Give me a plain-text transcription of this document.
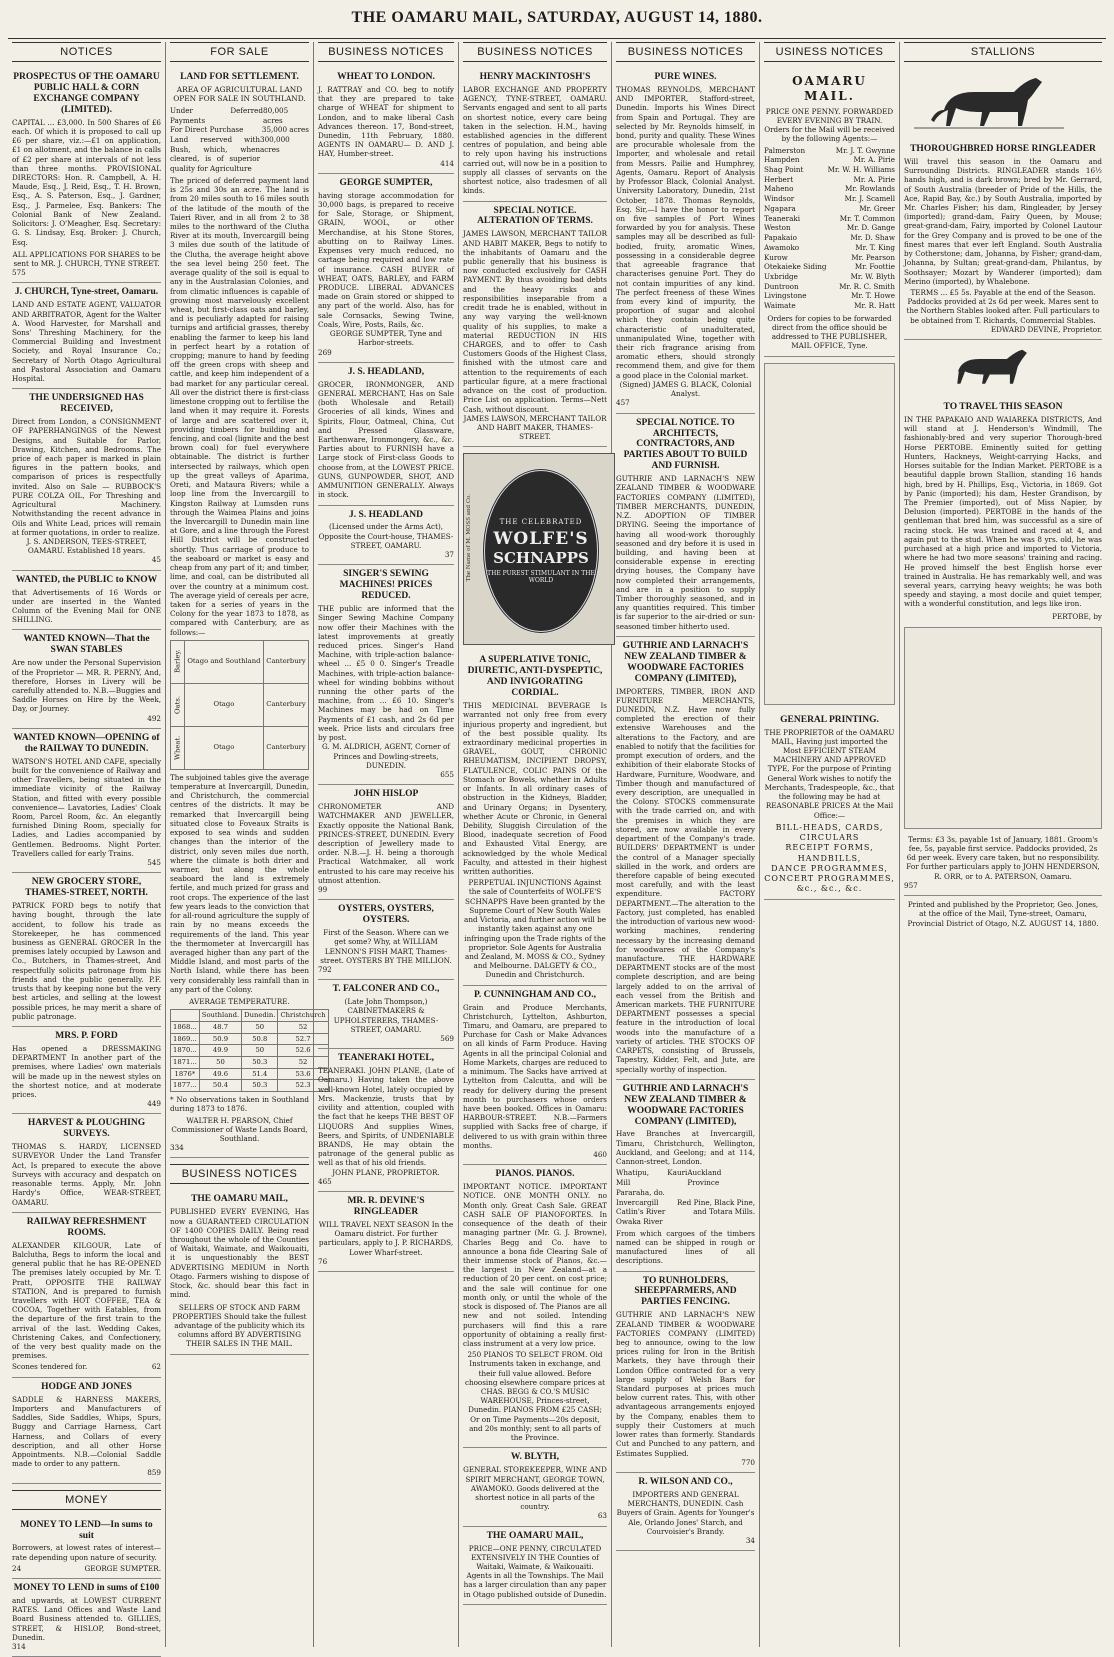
THE OAMARU MAIL, SATURDAY, AUGUST 14, 1880.
NOTICES
PROSPECTUS OF THE OAMARU PUBLIC HALL & CORN EXCHANGE COMPANY (LIMITED).
CAPITAL ... £3,000. In 500 Shares of £6 each. Of which it is proposed to call up £6 per share, viz.:—£1 on application, £1 on allotment, and the balance in calls of £2 per share at intervals of not less than three months. PROVISIONAL DIRECTORS: Hon. R. Campbell, A. H. Maude, Esq., J. Reid, Esq., T. H. Brown, Esq., A. S. Paterson, Esq., J. Gardner, Esq., J. Parmelee, Esq. Bankers: The Colonial Bank of New Zealand. Solicitors: J. O'Meagher, Esq. Secretary: G. S. Lindsay, Esq. Broker: J. Church, Esq.
ALL APPLICATIONS FOR SHARES to be sent to MR. J. CHURCH, TYNE STREET.
575
J. CHURCH, Tyne-street, Oamaru.
LAND AND ESTATE AGENT, VALUATOR AND ARBITRATOR, Agent for the Walter A. Wood Harvester, for Marshall and Sons' Threshing Machinery, for the Commercial Building and Investment Society, and Royal Insurance Co.; Secretary of North Otago Agricultural and Pastoral Association and Oamaru Hospital.
THE UNDERSIGNED HAS RECEIVED,
Direct from London, a CONSIGNMENT OF PAPERHANGINGS of the Newest Designs, and Suitable for Parlor, Drawing, Kitchen, and Bedrooms. The price of each paper is marked in plain figures in the pattern books, and comparison of prices is respectfully invited. Also on Sale — RUBBOCK'S PURE COLZA OIL, For Threshing and Agricultural Machinery. Notwithstanding the recent advance in Oils and White Lead, prices will remain at former quotations, in order to realize.
J. S. ANDERSON, TEES-STREET, OAMARU. Established 18 years.
45
WANTED, the PUBLIC to KNOW
that Advertisements of 16 Words or under are inserted in the Wanted Column of the Evening Mail for ONE SHILLING.
WANTED KNOWN—That the SWAN STABLES
Are now under the Personal Supervision of the Proprietor — MR. R. PERNY, And, therefore, Horses in Livery will be carefully attended to. N.B.—Buggies and Saddle Horses on Hire by the Week, Day, or Journey.
492
WANTED KNOWN—OPENING of the RAILWAY TO DUNEDIN.
WATSON'S HOTEL AND CAFE, specially built for the convenience of Railway and other Travellers, being situated in the immediate vicinity of the Railway Station, and fitted with every possible convenience— Lavatories, Ladies' Cloak Room, Parcel Room, &c. An elegantly furnished Dining Room, specially for Ladies, and Ladies accompanied by Gentlemen. Bedrooms. Night Porter. Travellers called for early Trains.
545
NEW GROCERY STORE, THAMES-STREET, NORTH.
PATRICK FORD begs to notify that having bought, through the late accident, to follow his trade as Storekeeper, he has commenced business as GENERAL GROCER In the premises lately occupied by Lawson and Co., Butchers, in Thames-street, And respectfully solicits patronage from his friends and the public generally. P.F. trusts that by keeping none but the very best articles, and selling at the lowest possible prices, he may merit a share of public patronage.
MRS. P. FORD
Has opened a DRESSMAKING DEPARTMENT In another part of the premises, where Ladies' own materials will be made up in the newest styles on the shortest notice, and at moderate prices.
449
HARVEST & PLOUGHING SURVEYS.
THOMAS S. HARDY, LICENSED SURVEYOR Under the Land Transfer Act, Is prepared to execute the above Surveys with accuracy and despatch on reasonable terms. Apply, Mr. John Hardy's Office, WEAR-STREET, OAMARU.
RAILWAY REFRESHMENT ROOMS.
ALEXANDER KILGOUR, Late of Balclutha, Begs to inform the local and general public that he has RE-OPENED The premises lately occupied by Mr. T. Pratt, OPPOSITE THE RAILWAY STATION, And is prepared to furnish travellers with HOT COFFEE, TEA & COCOA, Together with Eatables, from the departure of the first train to the arrival of the last. Wedding Cakes, Christening Cakes, and Confectionery, of the very best quality made on the premises.
Scones tendered for.	62
HODGE AND JONES
SADDLE & HARNESS MAKERS, Importers and Manufacturers of Saddles, Side Saddles, Whips, Spurs, Buggy and Carriage Harness, Cart Harness, and Collars of every description, and all other Horse Appointments. N.B.—Colonial Saddle made to order to any pattern.
859
MONEY
MONEY TO LEND—In sums to suit
Borrowers, at lowest rates of interest—rate depending upon nature of security.
24	GEORGE SUMPTER.
MONEY TO LEND in sums of £100
and upwards, at LOWEST CURRENT RATES. Land Offices and Waste Land Board Business attended to. GILLIES, STREET, & HISLOP, Bond-street, Dunedin.
314
FOR SALE
LAND FOR SETTLEMENT.
AREA OF AGRICULTURAL LAND OPEN FOR SALE IN SOUTHLAND.
Under Deferred Payments
80,005 acres
For Direct Purchase	35,000 acres
Land reserved with Bush, which, when cleared, is of superior quality for Agriculture
300,000 acres
The priced of deferred payment land is 25s and 30s an acre. The land is from 20 miles south to 16 miles south of the latitude of the mouth of the Taieri River, and in all from 2 to 38 miles to the northward of the Clutha River at its mouth, Invercargill being 3 miles due south of the latitude of the Clutha, the average height above the sea level being 250 feet. The average quality of the soil is equal to any in the Australasian Colonies, and from climatic influences is capable of growing most marvelously excellent wheat, but first-class oats and barley, and is peculiarly adapted for raising turnips and artificial grasses, thereby enabling the farmer to keep his land in perfect heart by a rotation of cropping; manure to hand by feeding off the green crops with sheep and cattle, and keep him independent of a bad market for any particular cereal. All over the district there is first-class limestone cropping out to fertilise the land when it may require it. Forests of large and are scattered over it, providing timbers for building and fencing, and coal (lignite and the best brown coal) for fuel everywhere obtainable. The district is further intersected by railways, which open up the great valleys of Aparima, Oreti, and Mataura Rivers; while a loop line from the Invercargill to Kingston Railway at Lumsden runs through the Waimea Plains and joins the Invercargill to Dunedin main line at Gore, and a line through the Forest Hill District will be constructed shortly. Thus carriage of produce to the seaboard or market is easy and cheap from any part of it; and timber, lime, and coal, can be distributed all over the country at a minimum cost. The average yield of cereals per acre, taken for a series of years in the Colony for the year 1873 to 1878, as compared with Canterbury, are as follows:—
Barley.	Otago and Southland	Canterbury
Oats.	Otago	Canterbury
Wheat.	Otago	Canterbury
The subjoined tables give the average temperature at Invercargill, Dunedin, and Christchurch, the commercial centres of the districts. It may be remarked that Invercargill being situated close to Foveaux Straits is exposed to sea winds and sudden changes than the interior of the district, only seven miles due north, where the climate is both drier and warmer, but along the whole seaboard the land is extremely fertile, and much prized for grass and root crops. The experience of the last few years leads to the conviction that for all-round agriculture the supply of rain by no means exceeds the requirements of the land. This year the thermometer at Invercargill has averaged higher than any part of the Middle Island, and most parts of the North Island, while there has been very considerably less rainfall than in any part of the Colony.
AVERAGE TEMPERATURE.
	Southland.	Dunedin.	Christchurch
1868...	48.7	50	52
1869...	50.9	50.8	52.7
1870...	49.9	50	52.6
1871...	50	50.3	52
1876*	49.6	51.4	53.6
1877...	50.4	50.3	52.3
* No observations taken in Southland during 1873 to 1876.
WALTER H. PEARSON, Chief Commissioner of Waste Lands Board, Southland.
334
BUSINESS NOTICES
THE OAMARU MAIL,
PUBLISHED EVERY EVENING, Has now a GUARANTEED CIRCULATION OF 1400 COPIES DAILY. Being read throughout the whole of the Counties of Waitaki, Waimate, and Waikouaiti, it is unquestionably the BEST ADVERTISING MEDIUM in North Otago. Farmers wishing to dispose of Stock, &c. should bear this fact in mind.
SELLERS OF STOCK AND FARM PROPERTIES Should take the fullest advantage of the publicity which its columns afford BY ADVERTISING THEIR SALES IN THE MAIL.
BUSINESS NOTICES
WHEAT TO LONDON.
J. RATTRAY and CO. beg to notify that they are prepared to take charge of WHEAT for shipment to London, and to make liberal Cash Advances thereon. 17, Bond-street, Dunedin, 11th February, 1880. AGENTS IN OAMARU— D. AND J. HAY, Humber-street.
414
GEORGE SUMPTER,
having storage accommodation for 30,000 bags, is prepared to receive for Sale, Storage, or Shipment, GRAIN, WOOL, or other Merchandise, at his Stone Stores, abutting on to Railway Lines. Expenses very much reduced, no cartage being required and low rate of insurance. CASH BUYER of WHEAT, OATS, BARLEY, and FARM PRODUCE. LIBERAL ADVANCES made on Grain stored or shipped to any part of the world. Also, has for sale Cornsacks, Sewing Twine, Coals, Wire, Posts, Rails, &c.
GEORGE SUMPTER, Tyne and Harbor-streets.
269
J. S. HEADLAND,
GROCER, IRONMONGER, AND GENERAL MERCHANT, Has on Sale (both Wholesale and Retail) Groceries of all kinds, Wines and Spirits, Flour, Oatmeal, China, Cut and Pressed Glassware, Earthenware, Ironmongery, &c., &c. Parties about to FURNISH have a Large stock of First-class Goods to choose from, at the LOWEST PRICE. GUNS, GUNPOWDER, SHOT, AND AMMUNITION GENERALLY. Always in stock.
J. S. HEADLAND
(Licensed under the Arms Act), Opposite the Court-house, THAMES-STREET, OAMARU.
37
SINGER'S SEWING MACHINES! PRICES REDUCED.
THE public are informed that the Singer Sewing Machine Company now offer their Machines with the latest improvements at greatly reduced prices. Singer's Hand Machine, with triple-action balance-wheel ... £5 0 0. Singer's Treadle Machines, with triple-action balance-wheel for winding bobbins without running the other parts of the machine, from ... £6 10. Singer's Machines may be had on Time Payments of £1 cash, and 2s 6d per week. Price lists and circulars free by post.
G. M. ALDRICH, AGENT, Corner of Princes and Dowling-streets, DUNEDIN.
655
JOHN HISLOP
CHRONOMETER AND WATCHMAKER AND JEWELLER, Exactly opposite the National Bank, PRINCES-STREET, DUNEDIN. Every description of Jewellery made to order. N.B.—J. H. being a thorough Practical Watchmaker, all work entrusted to his care may receive his utmost attention.
99
OYSTERS, OYSTERS, OYSTERS.
First of the Season. Where can we get some? Why, at WILLIAM LENNON'S FISH MART, Thames-street. OYSTERS BY THE MILLION.
792
T. FALCONER AND CO.,
(Late John Thompson,) CABINETMAKERS & UPHOLSTERERS, THAMES-STREET, OAMARU.
569
TEANERAKI HOTEL,
TEANERAKI. JOHN PLANE, (Late of Oamaru.) Having taken the above well-known Hotel, lately occupied by Mrs. Mackenzie, trusts that by civility and attention, coupled with the fact that he keeps THE BEST OF LIQUORS And supplies Wines, Beers, and Spirits, of UNDENIABLE BRANDS, He may obtain the patronage of the general public as well as that of his old friends.
JOHN PLANE, PROPRIETOR.
465
MR. R. DEVINE'S RINGLEADER
WILL TRAVEL NEXT SEASON In the Oamaru district. For further particulars, apply to J. P. RICHARDS, Lower Wharf-street.
76
BUSINESS NOTICES
HENRY MACKINTOSH'S
LABOR EXCHANGE AND PROPERTY AGENCY, TYNE-STREET, OAMARU. Servants engaged and sent to all parts on shortest notice, every care being taken in the selection. H.M., having established agencies in the different centres of population, and being able to rely upon having his instructions carried out, will now be in a position to supply all classes of servants on the shortest notice, also tradesmen of all kinds.
SPECIAL NOTICE. ALTERATION OF TERMS.
JAMES LAWSON, MERCHANT TAILOR AND HABIT MAKER, Begs to notify to the inhabitants of Oamaru and the public generally that his business is now conducted exclusively for CASH PAYMENT. By thus avoiding bad debts and the heavy risks and responsibilities inseparable from a credit trade he is enabled, without in any way varying the well-known quality of his supplies, to make a material REDUCTION IN HIS CHARGES, and to offer to Cash Customers Goods of the Highest Class, finished with the utmost care and attention to the requirements of each particular figure, at a mere fractional advance on the cost of production. Price List on application. Terms—Nett Cash, without discount.
JAMES LAWSON, MERCHANT TAILOR AND HABIT MAKER, THAMES-STREET.
The Name of M. MOSS and Co.	THE CELEBRATED
WOLFE'S
SCHNAPPS
THE PUREST STIMULANT IN THE WORLD
A SUPERLATIVE TONIC, DIURETIC, ANTI-DYSPEPTIC, AND INVIGORATING CORDIAL.
THIS MEDICINAL BEVERAGE Is warranted not only free from every injurious property and ingredient, but of the best possible quality. Its extraordinary medicinal properties in GRAVEL, GOUT, CHRONIC RHEUMATISM, INCIPIENT DROPSY, FLATULENCE, COLIC PAINS Of the Stomach or Bowels, whether in Adults or Infants. In all ordinary cases of obstruction in the Kidneys, Bladder, and Urinary Organs; in Dysentery, whether Acute or Chronic, in General Debility, Sluggish Circulation of the Blood, inadequate secretion of Food and Exhausted Vital Energy, are acknowledged by the whole Medical Faculty, and attested in their highest written authorities.
PERPETUAL INJUNCTIONS Against the sale of Counterfeits of WOLFE'S SCHNAPPS Have been granted by the Supreme Court of New South Wales and Victoria, and further action will be instantly taken against any one infringing upon the Trade rights of the proprietor. Sole Agents for Australia and Zealand, M. MOSS & CO., Sydney and Melbourne. DALGETY & CO., Dunedin and Christchurch.
P. CUNNINGHAM AND CO.,
Grain and Produce Merchants, Christchurch, Lyttelton, Ashburton, Timaru, and Oamaru, are prepared to Purchase for Cash or Make Advances on all kinds of Farm Produce. Having Agents in all the principal Colonial and Home Markets, charges are reduced to a minimum. The Sacks have arrived at Lyttelton from Calcutta, and will be ready for delivery during the present month to purchasers whose orders have been booked. Offices in Oamaru: HARBOUR-STREET. N.B.—Farmers supplied with Sacks free of charge, if delivered to us with grain within three months.
460
PIANOS. PIANOS.
IMPORTANT NOTICE. IMPORTANT NOTICE. ONE MONTH ONLY. no Month only. Great Cash Sale. GREAT CASH SALE OF PIANOFORTES. In consequence of the death of their managing partner (Mr. G. J. Browne), Charles Begg and Co. have to announce a bona fide Clearing Sale of their immense stock of Pianos, &c.—the largest in New Zealand—at a reduction of 20 per cent. on cost price; and the sale will continue for one month only, or until the whole of the stock is disposed of. The Pianos are all new and not soiled. Intending purchasers will find this a rare opportunity of obtaining a really first-class instrument at a very low price.
250 PIANOS TO SELECT FROM. Old Instruments taken in exchange, and their full value allowed. Before choosing elsewhere compare prices at CHAS. BEGG & CO.'S MUSIC WAREHOUSE, Princes-street, Dunedin. PIANOS FROM £25 CASH; Or on Time Payments—20s deposit, and 20s monthly; sent to all parts of the Province.
W. BLYTH,
GENERAL STOREKEEPER, WINE AND SPIRIT MERCHANT, GEORGE TOWN, AWAMOKO. Goods delivered at the shortest notice in all parts of the country.
63
THE OAMARU MAIL,
PRICE—ONE PENNY, CIRCULATED EXTENSIVELY IN THE Counties of Waitaki, Waimate, & Waikouaiti. Agents in all the Townships. The Mail has a larger circulation than any paper in Otago published outside of Dunedin.
BUSINESS NOTICES
PURE WINES.
THOMAS REYNOLDS, MERCHANT AND IMPORTER, Stafford-street, Dunedin. Imports his Wines Direct from Spain and Portugal. They are selected by Mr. Reynolds himself, in bond, purity and quality. These Wines are procurable wholesale from the Importer, and wholesale and retail from Messrs. Pailie and Humphrey, Agents, Oamaru. Report of Analysis by Professor Black, Colonial Analyst. University Laboratory, Dunedin, 21st October, 1878. Thomas Reynolds, Esq. Sir,—I have the honor to report on five samples of Port Wines forwarded by you for analysis. These samples may all be described as full-bodied, fruity, aromatic Wines, possessing in a considerable degree that agreeable fragrance that characterises genuine Port. They do not contain impurities of any kind. The perfect freeness of these Wines from every kind of impurity, the proportion of sugar and alcohol which they contain being quite characteristic of unadulterated, unmanipulated Wine, together with their rich fragrance arising from aromatic ethers, should strongly recommend them, and give for them a good place in the Colonial market.
(Signed) JAMES G. BLACK, Colonial Analyst.
457
SPECIAL NOTICE. TO ARCHITECTS, CONTRACTORS, AND PARTIES ABOUT TO BUILD AND FURNISH.
GUTHRIE AND LARNACH'S NEW ZEALAND TIMBER & WOODWARE FACTORIES COMPANY (LIMITED), TIMBER MERCHANTS, DUNEDIN, N.Z. ADOPTION OF TIMBER DRYING. Seeing the importance of having all wood-work thoroughly seasoned and dry before it is used in building, and having been at considerable expense in erecting drying houses, the Company have now completed their arrangements, and are in a position to supply Timber thoroughly seasoned, and in any quantities required. This timber is far superior to the air-dried or sun-seasoned timber hitherto used.
GUTHRIE AND LARNACH'S NEW ZEALAND TIMBER & WOODWARE FACTORIES COMPANY (LIMITED),
IMPORTERS, TIMBER, IRON AND FURNITURE MERCHANTS, DUNEDIN, N.Z. Have now fully completed the erection of their extensive Warehouses and the alterations to the Factory, and are enabled to notify that the facilities for prompt execution of orders, and the exhibition of their elaborate Stocks of Hardware, Furniture, Woodware, and Timber though and manufactured of every description, are unequalled in the Colony. STOCKS commensurate with the trade carried on, and with the premises in which they are stored, are now available in every department of the Company's trade. BUILDERS' DEPARTMENT is under the control of a Manager specially skilled in the work, and orders are therefore capable of being executed most carefully, and with the least expenditure. FACTORY DEPARTMENT.—The alteration to the Factory, just completed, has enabled the introduction of various new wood-working machines, rendering necessary by the increasing demand for woodwares of the Company's manufacture. THE HARDWARE DEPARTMENT stocks are of the most complete description, and are being largely added to on the arrival of each vessel from the British and American markets. THE FURNITURE DEPARTMENT possesses a special feature in the introduction of local woods into the manufacture of a variety of articles. THE STOCKS OF CARPETS, consisting of Brussels, Tapestry, Kidder, Felt, and Jute, are specially worthy of inspection.
GUTHRIE AND LARNACH'S NEW ZEALAND TIMBER & WOODWARE FACTORIES COMPANY (LIMITED),
Have Branches at Invercargill, Timaru, Christchurch, Wellington, Auckland, and Geelong; and at 114, Cannon-street, London.
Whatipu, Kauri Mill
Auckland Province
Pararaha, do.
Invercargill	Red Pine, Black Pine,
Catlin's River	and Totara Mills.
Owaka River
From which cargoes of the timbers named can be shipped in rough or manufactured lines of all descriptions.
TO RUNHOLDERS, SHEEPFARMERS, AND PARTIES FENCING.
GUTHRIE AND LARNACH'S NEW ZEALAND TIMBER & WOODWARE FACTORIES COMPANY (LIMITED) beg to announce, owing to the low prices ruling for Iron in the British Markets, they have through their London Office contracted for a very large supply of Welsh Bars for Standard purposes at prices much below current rates. This, with other advantageous arrangements enjoyed by the Company, enables them to supply their Customers at much lower rates than formerly. Standards Cut and Punched to any pattern, and Estimates Supplied.
770
R. WILSON AND CO.,
IMPORTERS AND GENERAL MERCHANTS, DUNEDIN. Cash Buyers of Grain. Agents for Younger's Ale, Orlando Jones' Starch, and Courvoisier's Brandy.
34
USINESS NOTICES
OAMARU MAIL.
PRICE ONE PENNY. FORWARDED EVERY EVENING BY TRAIN. Orders for the Mail will be received by the following Agents:—
Palmerston	Mr. J. T. Gwynne
Hampden	Mr. A. Pirie
Shag Point	Mr. W. H. Williams
Herbert	Mr. A. Pirie
Maheno	Mr. Rowlands
Windsor	Mr. J. Scamell
Ngapara	Mr. Greer
Teaneraki	Mr. T. Common
Weston	Mr. D. Gange
Papakaio	Mr. D. Shaw
Awamoko	Mr. T. King
Kurow	Mr. Pearson
Otekaieke Siding	Mr. Foottie
Uxbridge	Mr. W. Blyth
Duntroon	Mr. R. C. Smith
Livingstone	Mr. T. Howe
Waimate	Mr. R. Hatt
Orders for copies to be forwarded direct from the office should be addressed to THE PUBLISHER, MAIL OFFICE, Tyne.
GENERAL PRINTING.
THE PROPRIETOR of the OAMARU MAIL, Having just imported the Most EFFICIENT STEAM MACHINERY AND APPROVED TYPE, For the purpose of Printing General Work wishes to notify the Merchants, Tradespeople, &c., that the following may be had at REASONABLE PRICES At the Mail Office:—
BILL-HEADS, CARDS, CIRCULARS
RECEIPT FORMS,
HANDBILLS,
DANCE PROGRAMMES,
CONCERT PROGRAMMES,
&c., &c., &c.
STALLIONS
THOROUGHBRED HORSE RINGLEADER
Will travel this season in the Oamaru and Surrounding Districts. RINGLEADER stands 16½ hands high, and is dark brown; bred by Mr. Gerrard, of South Australia (breeder of Pride of the Hills, the Ace, Rapid Bay, &c.) by South Australia, imported by Mr. Charles Fisher; his dam, Ringleader, by Jersey (imported); grand-dam, Fairy Queen, by Mouse; great-grand-dam, Fairy, imported by Colonel Lautour for the Grey Company and is proved to be one of the finest mares that ever left England. South Australia by Cotherstone; dam, Johanna, by Fisher; grand-dam, Johanna, by Sultan; great-grand-dam, Philantus, by Soothsayer; Mozart by Wanderer (imported); dam Merino (imported), by Whalebone.
TERMS ... £5 5s. Payable at the end of the Season. Paddocks provided at 2s 6d per week. Mares sent to the Northern Stables looked after. Full particulars to be obtained from T. Richards, Commercial Stables.
EDWARD DEVINE, Proprietor.
TO TRAVEL THIS SEASON
IN THE PAPAKAIO AND WAIAREKA DISTRICTS, And will stand at J. Henderson's Windmill, The fashionably-bred and very superior Thorough-bred Horse PERTOBE. Eminently suited for getting Hunters, Hackneys, Weight-carrying Hacks, and Horses suitable for the Indian Market. PERTOBE is a beautiful dapple brown Stallion, standing 16 hands high, bred by H. Phillips, Esq., Victoria, in 1869. Got by Panic (imported); his dam, Hester Grandison, by The Premier (imported), out of Miss Napier, by Delusion (imported). PERTOBE in the hands of the gentleman that bred him, was successful as a sire of racing stock. He was trained and raced at 4, and again put to the stud. When he was 8 yrs. old, he was purchased at a high price and imported to Victoria, where he had two more seasons' training and racing. He proved himself the best English horse ever trained in Australia. He has remarkably well, and was several years, carrying heavy weights; he was both speedy and staying, a most docile and quiet temper, with a wonderful constitution, and legs like iron.
PERTOBE, by
Terms: £3 3s, payable 1st of January, 1881. Groom's fee, 5s, payable first service. Paddocks provided, 2s 6d per week. Every care taken, but no responsibility. For further particulars apply to JOHN HENDERSON, R. ORR, or to A. PATERSON, Oamaru.
957
Printed and published by the Proprietor, Geo. Jones, at the office of the Mail, Tyne-street, Oamaru, Provincial District of Otago, N.Z. AUGUST 14, 1880.
